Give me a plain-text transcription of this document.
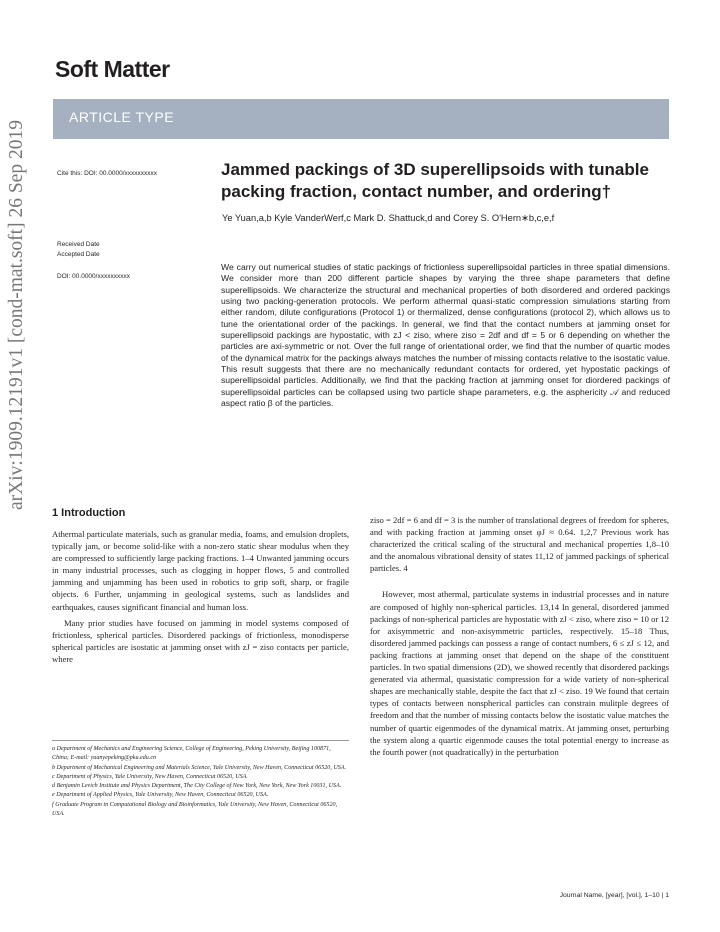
Soft Matter
ARTICLE TYPE
arXiv:1909.12191v1 [cond-mat.soft] 26 Sep 2019	Cite this: DOI: 00.0000/xxxxxxxxxx
Received Date
Accepted Date
DOI: 00.0000/xxxxxxxxxx
Jammed packings of 3D superellipsoids with tunable packing fraction, contact number, and ordering†
Ye Yuan,a,b Kyle VanderWerf,c Mark D. Shattuck,d and Corey S. O'Hern∗b,c,e,f
We carry out numerical studies of static packings of frictionless superellipsoidal particles in three spatial dimensions. We consider more than 200 different particle shapes by varying the three shape parameters that define superellipsoids. We characterize the structural and mechanical properties of both disordered and ordered packings using two packing-generation protocols. We perform athermal quasi-static compression simulations starting from either random, dilute configurations (Protocol 1) or thermalized, dense configurations (protocol 2), which allows us to tune the orientational order of the packings. In general, we find that the contact numbers at jamming onset for superellipsoid packings are hypostatic, with zJ < ziso, where ziso = 2df and df = 5 or 6 depending on whether the particles are axi-symmetric or not. Over the full range of orientational order, we find that the number of quartic modes of the dynamical matrix for the packings always matches the number of missing contacts relative to the isostatic value. This result suggests that there are no mechanically redundant contacts for ordered, yet hypostatic packings of superellipsoidal particles. Additionally, we find that the packing fraction at jamming onset for diordered packings of superellipsoidal particles can be collapsed using two particle shape parameters, e.g. the asphericity 𝒜 and reduced aspect ratio β of the particles.
1 Introduction

Athermal particulate materials, such as granular media, foams, and emulsion droplets, typically jam, or become solid-like with a non-zero static shear modulus when they are compressed to sufficiently large packing fractions. 1–4 Unwanted jamming occurs in many industrial processes, such as clogging in hopper flows, 5 and controlled jamming and unjamming has been used in robotics to grip soft, sharp, or fragile objects. 6 Further, unjamming in geological systems, such as landslides and earthquakes, causes significant financial and human loss.

Many prior studies have focused on jamming in model systems composed of frictionless, spherical particles. Disordered packings of frictionless, monodisperse spherical particles are isostatic at jamming onset with zJ = ziso contacts per particle, where

ziso = 2df = 6 and df = 3 is the number of translational degrees of freedom for spheres, and with packing fraction at jamming onset φJ ≈ 0.64. 1,2,7 Previous work has characterized the critical scaling of the structural and mechanical properties 1,8–10 and the anomalous vibrational density of states 11,12 of jammed packings of spherical particles. 4

However, most athermal, particulate systems in industrial processes and in nature are composed of highly non-spherical particles. 13,14 In general, disordered jammed packings of non-spherical particles are hypostatic with zJ < ziso, where ziso = 10 or 12 for axisymmetric and non-axisymmetric particles, respectively. 15–18 Thus, disordered jammed packings can possess a range of contact numbers, 6 ≤ zJ ≤ 12, and packing fractions at jamming onset that depend on the shape of the constituent particles. In two spatial dimensions (2D), we showed recently that disordered packings generated via athermal, quasistatic compression for a wide variety of non-spherical shapes are mechanically stable, despite the fact that zJ < ziso. 19 We found that certain types of contacts between nonspherical particles can constrain mulitple degrees of freedom and that the number of missing contacts below the isostatic value matches the number of quartic eigenmodes of the dynamical matrix. At jamming onset, perturbing the system along a quartic eigenmode causes the total potential energy to increase as the fourth power (not quadratically) in the perturbation

a Department of Mechanics and Engineering Science, College of Engineering, Peking University, Beijing 100871, China; E-mail: yuanyepeking@pku.edu.cn
b Department of Mechanical Engineering and Materials Science, Yale University, New Haven, Connecticut 06520, USA.
c Department of Physics, Yale University, New Haven, Connecticut 06520, USA.
d Benjamin Levich Institute and Physics Department, The City College of New York, New York, New York 10031, USA.
e Department of Applied Physics, Yale University, New Haven, Connecticut 06520, USA.
f Graduate Program in Computational Biology and Bioinformatics, Yale University, New Haven, Connecticut 06520, USA.
Journal Name, [year], [vol.], 1–10 | 1
